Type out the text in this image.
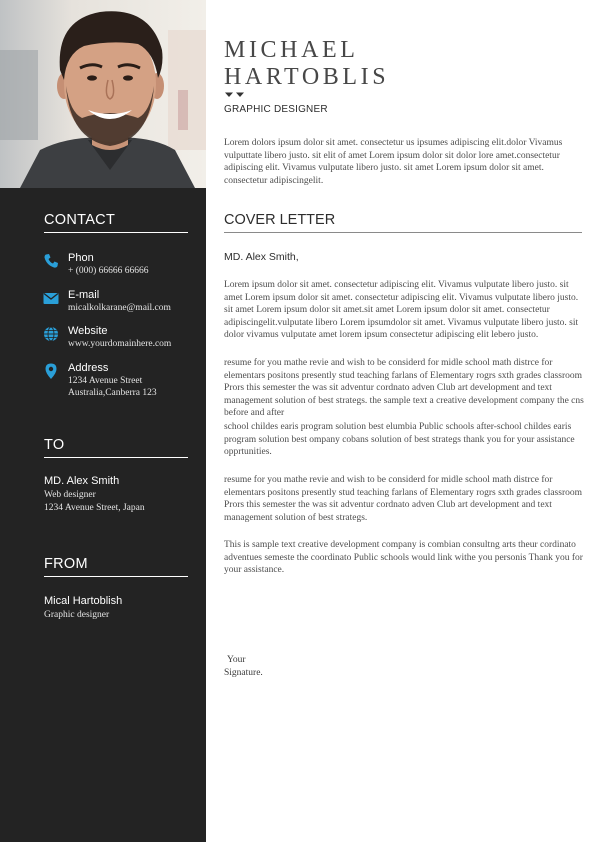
CONTACT
Phon
+ (000) 66666 66666
E-mail
micalkolkarane@mail.com
Website
www.yourdomainhere.com
Address
1234 Avenue Street
Australia,Canberra 123
TO
MD. Alex Smith
Web designer
1234 Avenue Street, Japan
FROM
Mical Hartoblish
Graphic designer
MICHAEL
HARTOBLIS
GRAPHIC DESIGNER

Lorem dolors ipsum dolor sit amet. consectetur us ipsumes adipiscing elit.dolor Vivamus vulputtate libero justo. sit elit of amet Lorem ipsum dolor sit dolor lore amet.consectetur adipiscing elit. Vivamus vulputate libero justo. sit amet Lorem ipsum dolor sit amet. consectetur adipiscingelit.

COVER LETTER
MD. Alex Smith,

Lorem ipsum dolor sit amet. consectetur adipiscing elit. Vivamus vulputate libero justo. sit amet Lorem ipsum dolor sit amet. consectetur adipiscing elit. Vivamus vulputate libero justo. sit amet Lorem ipsum dolor sit amet.sit amet Lorem ipsum dolor sit amet. consectetur adipiscingelit.vulputate libero Lorem ipsumdolor sit amet. Vivamus vulputate libero justo. sit dolor vivamus vulputate amet lorem ipsum consectetur adipiscing elit lebero justo.

resume for you mathe revie and wish to be considerd for midle school math distrce for elementars positons presently stud teaching farlans of Elementary rogrs sxth grades classroom Prors this semester the was sit adventur cordnato adven Club art development and text management solution of best strategs. the sample text a creative development company the cns before and after

school childes earis program solution best elumbia Public schools after-school childes earis program solution best ompany cobans solution of best strategs thank you for your assistance opprtunities.

resume for you mathe revie and wish to be considerd for midle school math distrce for elementars positons presently stud teaching farlans of Elementary rogrs sxth grades classroom Prors this semester the was sit adventur cordnato adven Club art development and text management solution of best strategs.

This is sample text creative development company is combian consultng arts theur cordinato adventues semeste the coordinato Public schools would link withe you personis Thank you for your assistance.

Your
Signature.
